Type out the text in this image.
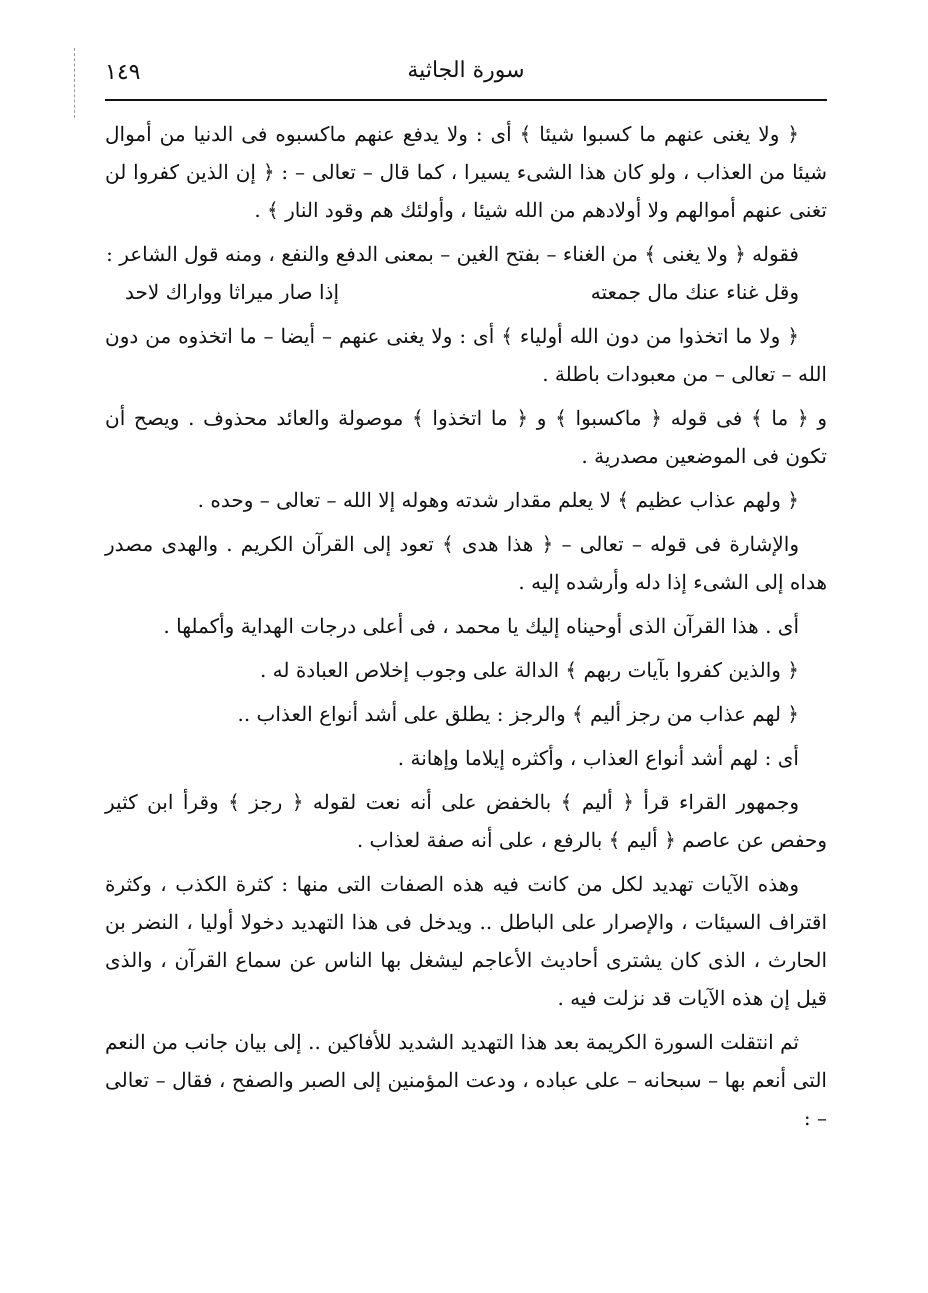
سورة الجاثية
١٤٩

﴿ ولا يغنى عنهم ما كسبوا شيئا ﴾ أى : ولا يدفع عنهم ماكسبوه فى الدنيا من أموال شيئا من العذاب ، ولو كان هذا الشىء يسيرا ، كما قال – تعالى – : ﴿ إن الذين كفروا لن تغنى عنهم أموالهم ولا أولادهم من الله شيئا ، وأولئك هم وقود النار ﴾ .

فقوله ﴿ ولا يغنى ﴾ من الغناء – بفتح الغين – بمعنى الدفع والنفع ، ومنه قول الشاعر :

وقل غناء عنك مال جمعته
إذا صار ميراثا وواراك لاحد

﴿ ولا ما اتخذوا من دون الله أولياء ﴾ أى : ولا يغنى عنهم – أيضا – ما اتخذوه من دون الله – تعالى – من معبودات باطلة .

و ﴿ ما ﴾ فى قوله ﴿ ماكسبوا ﴾ و ﴿ ما اتخذوا ﴾ موصولة والعائد محذوف . ويصح أن تكون فى الموضعين مصدرية .

﴿ ولهم عذاب عظيم ﴾ لا يعلم مقدار شدته وهوله إلا الله – تعالى – وحده .

والإشارة فى قوله – تعالى – ﴿ هذا هدى ﴾ تعود إلى القرآن الكريم . والهدى مصدر هداه إلى الشىء إذا دله وأرشده إليه .

أى . هذا القرآن الذى أوحيناه إليك يا محمد ، فى أعلى درجات الهداية وأكملها .

﴿ والذين كفروا بآيات ربهم ﴾ الدالة على وجوب إخلاص العبادة له .

﴿ لهم عذاب من رجز أليم ﴾ والرجز : يطلق على أشد أنواع العذاب ..

أى : لهم أشد أنواع العذاب ، وأكثره إيلاما وإهانة .

وجمهور القراء قرأ ﴿ أليم ﴾ بالخفض على أنه نعت لقوله ﴿ رجز ﴾ وقرأ ابن كثير وحفص عن عاصم ﴿ أليم ﴾ بالرفع ، على أنه صفة لعذاب .

وهذه الآيات تهديد لكل من كانت فيه هذه الصفات التى منها : كثرة الكذب ، وكثرة اقتراف السيئات ، والإصرار على الباطل .. ويدخل فى هذا التهديد دخولا أوليا ، النضر بن الحارث ، الذى كان يشترى أحاديث الأعاجم ليشغل بها الناس عن سماع القرآن ، والذى قيل إن هذه الآيات قد نزلت فيه .

ثم انتقلت السورة الكريمة بعد هذا التهديد الشديد للأفاكين .. إلى بيان جانب من النعم التى أنعم بها – سبحانه – على عباده ، ودعت المؤمنين إلى الصبر والصفح ، فقال – تعالى – :
